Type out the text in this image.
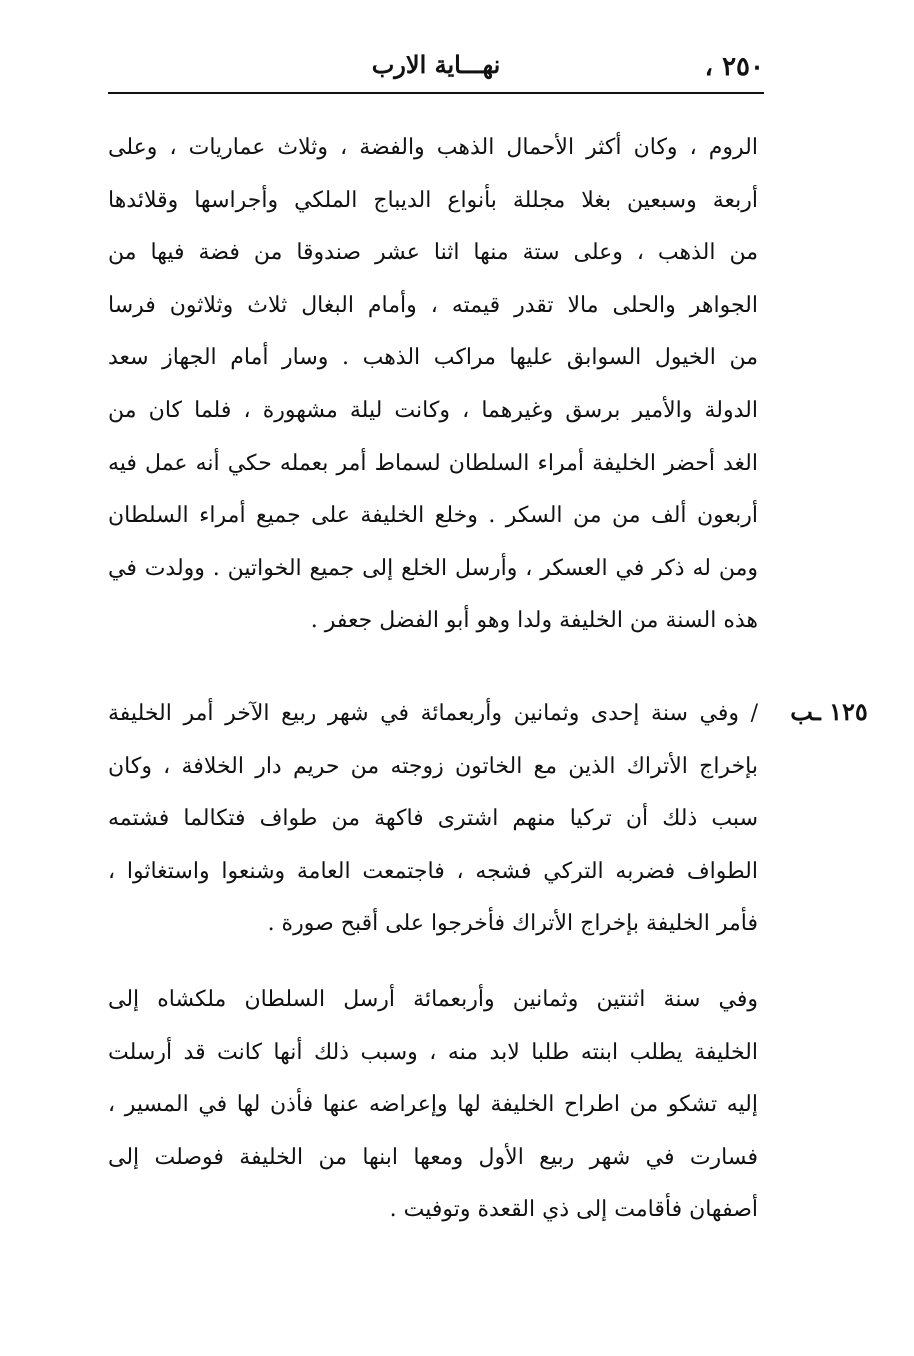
٢٥٠ ،
نهـــاية الارب
الروم ، وكان أكثر الأحمال الذهب والفضة ، وثلاث عماريات ، وعلى
أربعة وسبعين بغلا مجللة بأنواع الديباج الملكي وأجراسها وقلائدها
من الذهب ، وعلى ستة منها اثنا عشر صندوقا من فضة فيها من
الجواهر والحلى مالا تقدر قيمته ، وأمام البغال ثلاث وثلاثون فرسا
من الخيول السوابق عليها مراكب الذهب . وسار أمام الجهاز سعد
الدولة والأمير برسق وغيرهما ، وكانت ليلة مشهورة ، فلما كان من
الغد أحضر الخليفة أمراء السلطان لسماط أمر بعمله حكي أنه عمل فيه
أربعون ألف من من السكر . وخلع الخليفة على جميع أمراء السلطان
ومن له ذكر في العسكر ، وأرسل الخلع إلى جميع الخواتين . وولدت في
هذه السنة من الخليفة ولدا وهو أبو الفضل جعفر .
١٢٥ ـب
/ وفي سنة إحدى وثمانين وأربعمائة في شهر ربيع الآخر أمر الخليفة
بإخراج الأتراك الذين مع الخاتون زوجته من حريم دار الخلافة ، وكان
سبب ذلك أن تركيا منهم اشترى فاكهة من طواف فتكالما فشتمه
الطواف فضربه التركي فشجه ، فاجتمعت العامة وشنعوا واستغاثوا ،
فأمر الخليفة بإخراج الأتراك فأخرجوا على أقبح صورة .
وفي سنة اثنتين وثمانين وأربعمائة أرسل السلطان ملكشاه إلى
الخليفة يطلب ابنته طلبا لابد منه ، وسبب ذلك أنها كانت قد أرسلت
إليه تشكو من اطراح الخليفة لها وإعراضه عنها فأذن لها في المسير ،
فسارت في شهر ربيع الأول ومعها ابنها من الخليفة فوصلت إلى
أصفهان فأقامت إلى ذي القعدة وتوفيت .
